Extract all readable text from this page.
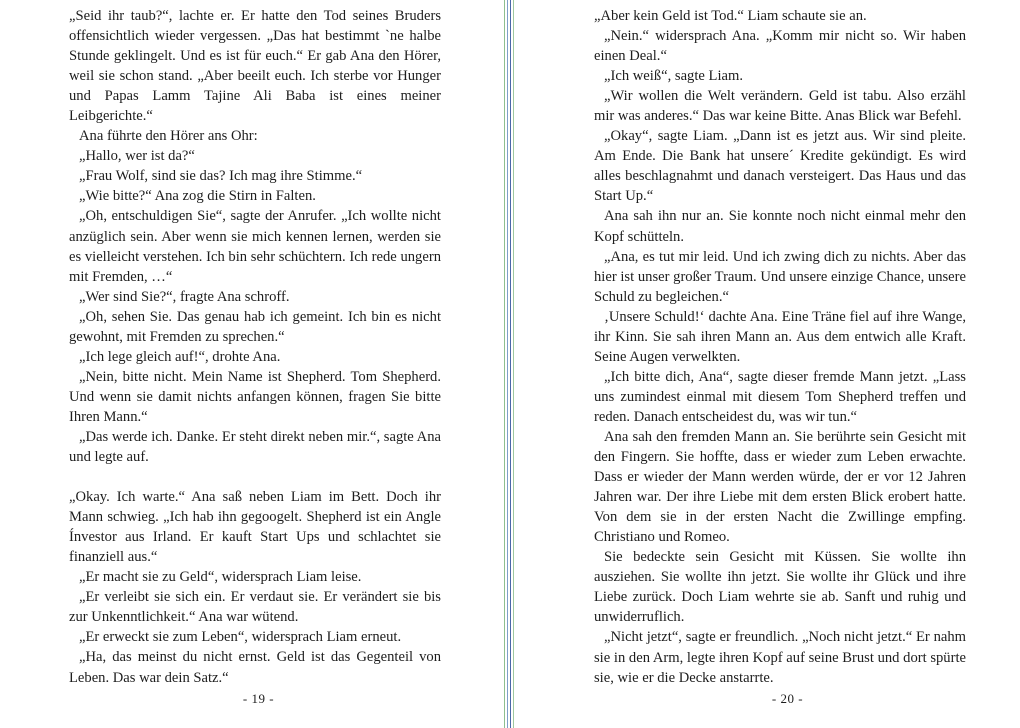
„Seid ihr taub?“, lachte er. Er hatte den Tod seines Bruders offensichtlich wieder vergessen. „Das hat bestimmt `ne halbe Stunde geklingelt. Und es ist für euch.“ Er gab Ana den Hörer, weil sie schon stand. „Aber beeilt euch. Ich sterbe vor Hunger und Papas Lamm Tajine Ali Baba ist eines meiner Leibgerichte.“

Ana führte den Hörer ans Ohr:

„Hallo, wer ist da?“

„Frau Wolf, sind sie das? Ich mag ihre Stimme.“

„Wie bitte?“ Ana zog die Stirn in Falten.

„Oh, entschuldigen Sie“, sagte der Anrufer. „Ich wollte nicht anzüglich sein. Aber wenn sie mich kennen lernen, werden sie es vielleicht verstehen. Ich bin sehr schüchtern. Ich rede ungern mit Fremden, …“

„Wer sind Sie?“, fragte Ana schroff.

„Oh, sehen Sie. Das genau hab ich gemeint. Ich bin es nicht gewohnt, mit Fremden zu sprechen.“

„Ich lege gleich auf!“, drohte Ana.

„Nein, bitte nicht. Mein Name ist Shepherd. Tom Shepherd. Und wenn sie damit nichts anfangen können, fragen Sie bitte Ihren Mann.“

„Das werde ich. Danke. Er steht direkt neben mir.“, sagte Ana und legte auf.

„Okay. Ich warte.“ Ana saß neben Liam im Bett. Doch ihr Mann schwieg. „Ich hab ihn gegoogelt. Shepherd ist ein Angle Ínvestor aus Irland. Er kauft Start Ups und schlachtet sie finanziell aus.“

„Er macht sie zu Geld“, widersprach Liam leise.

„Er verleibt sie sich ein. Er verdaut sie. Er verändert sie bis zur Unkenntlichkeit.“ Ana war wütend.

„Er erweckt sie zum Leben“, widersprach Liam erneut.

„Ha, das meinst du nicht ernst. Geld ist das Gegenteil von Leben. Das war dein Satz.“

- 19 -

„Aber kein Geld ist Tod.“ Liam schaute sie an.

„Nein.“ widersprach Ana. „Komm mir nicht so. Wir haben einen Deal.“

„Ich weiß“, sagte Liam.

„Wir wollen die Welt verändern. Geld ist tabu. Also erzähl mir was anderes.“ Das war keine Bitte. Anas Blick war Befehl.

„Okay“, sagte Liam. „Dann ist es jetzt aus. Wir sind pleite. Am Ende. Die Bank hat unsere´ Kredite gekündigt. Es wird alles beschlagnahmt und danach versteigert. Das Haus und das Start Up.“

Ana sah ihn nur an. Sie konnte noch nicht einmal mehr den Kopf schütteln.

„Ana, es tut mir leid. Und ich zwing dich zu nichts. Aber das hier ist unser großer Traum. Und unsere einzige Chance, unsere Schuld zu begleichen.“

‚Unsere Schuld!‘ dachte Ana. Eine Träne fiel auf ihre Wange, ihr Kinn. Sie sah ihren Mann an. Aus dem entwich alle Kraft. Seine Augen verwelkten.

„Ich bitte dich, Ana“, sagte dieser fremde Mann jetzt. „Lass uns zumindest einmal mit diesem Tom Shepherd treffen und reden. Danach entscheidest du, was wir tun.“

Ana sah den fremden Mann an. Sie berührte sein Gesicht mit den Fingern. Sie hoffte, dass er wieder zum Leben erwachte. Dass er wieder der Mann werden würde, der er vor 12 Jahren Jahren war. Der ihre Liebe mit dem ersten Blick erobert hatte. Von dem sie in der ersten Nacht die Zwillinge empfing. Christiano und Romeo.

Sie bedeckte sein Gesicht mit Küssen. Sie wollte ihn ausziehen. Sie wollte ihn jetzt. Sie wollte ihr Glück und ihre Liebe zurück. Doch Liam wehrte sie ab. Sanft und ruhig und unwiderruflich.

„Nicht jetzt“, sagte er freundlich. „Noch nicht jetzt.“ Er nahm sie in den Arm, legte ihren Kopf auf seine Brust und dort spürte sie, wie er die Decke anstarrte.

- 20 -
